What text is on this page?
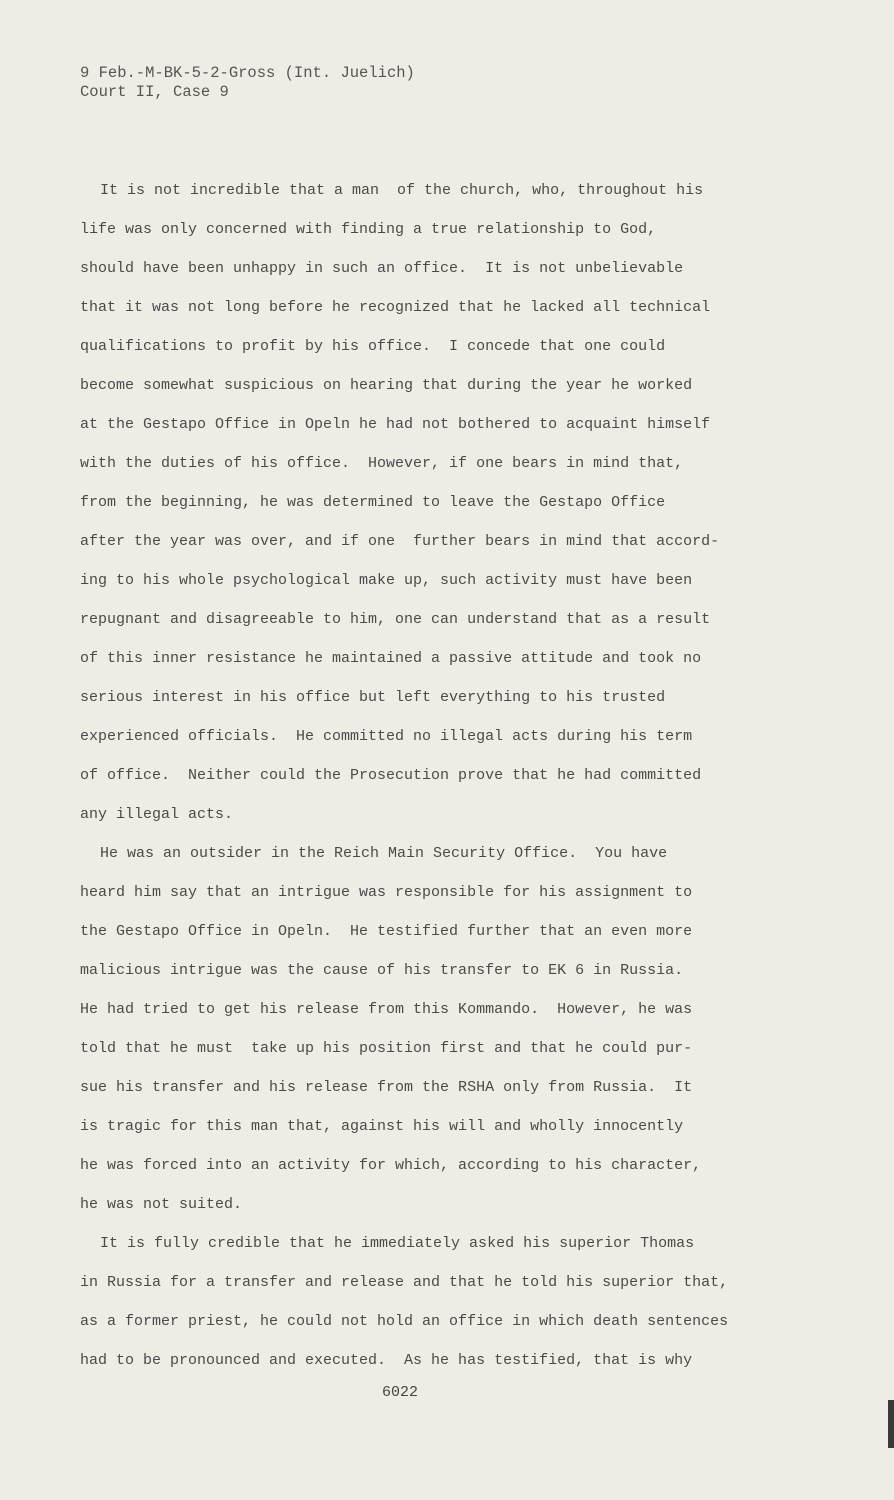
9 Feb.-M-BK-5-2-Gross (Int. Juelich)
Court II, Case 9
It is not incredible that a man  of the church, who, throughout his
life was only concerned with finding a true relationship to God,
should have been unhappy in such an office.  It is not unbelievable
that it was not long before he recognized that he lacked all technical
qualifications to profit by his office.  I concede that one could
become somewhat suspicious on hearing that during the year he worked
at the Gestapo Office in Opeln he had not bothered to acquaint himself
with the duties of his office.  However, if one bears in mind that,
from the beginning, he was determined to leave the Gestapo Office
after the year was over, and if one  further bears in mind that accord-
ing to his whole psychological make up, such activity must have been
repugnant and disagreeable to him, one can understand that as a result
of this inner resistance he maintained a passive attitude and took no
serious interest in his office but left everything to his trusted
experienced officials.  He committed no illegal acts during his term
of office.  Neither could the Prosecution prove that he had committed
any illegal acts.
He was an outsider in the Reich Main Security Office.  You have
heard him say that an intrigue was responsible for his assignment to
the Gestapo Office in Opeln.  He testified further that an even more
malicious intrigue was the cause of his transfer to EK 6 in Russia.
He had tried to get his release from this Kommando.  However, he was
told that he must  take up his position first and that he could pur-
sue his transfer and his release from the RSHA only from Russia.  It
is tragic for this man that, against his will and wholly innocently
he was forced into an activity for which, according to his character,
he was not suited.
It is fully credible that he immediately asked his superior Thomas
in Russia for a transfer and release and that he told his superior that,
as a former priest, he could not hold an office in which death sentences
had to be pronounced and executed.  As he has testified, that is why
6022
